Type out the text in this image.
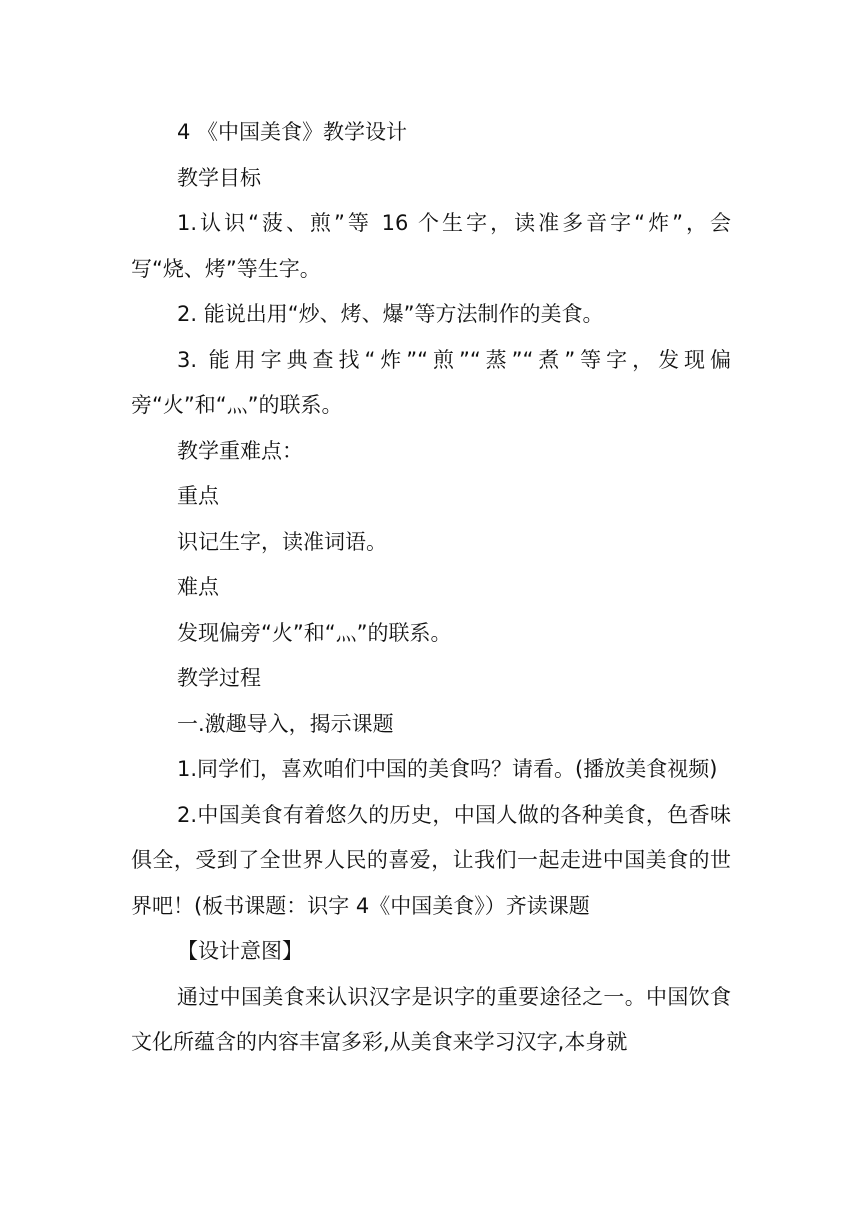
4 《中国美食》教学设计

教学目标

1.认识“菠、煎”等 16 个生字，读准多音字“炸”，会写“烧、烤”等生字。

2. 能说出用“炒、烤、爆”等方法制作的美食。

3. 能用字典查找“炸”“煎”“蒸”“煮”等字，发现偏旁“火”和“灬”的联系。

教学重难点：

重点

识记生字，读准词语。

难点

发现偏旁“火”和“灬”的联系。

教学过程

一.激趣导入，揭示课题

1.同学们，喜欢咱们中国的美食吗？请看。(播放美食视频)

2.中国美食有着悠久的历史，中国人做的各种美食，色香味俱全，受到了全世界人民的喜爱，让我们一起走进中国美食的世界吧！(板书课题：识字 4《中国美食》）齐读课题

【设计意图】

通过中国美食来认识汉字是识字的重要途径之一。中国饮食文化所蕴含的内容丰富多彩,从美食来学习汉字,本身就
